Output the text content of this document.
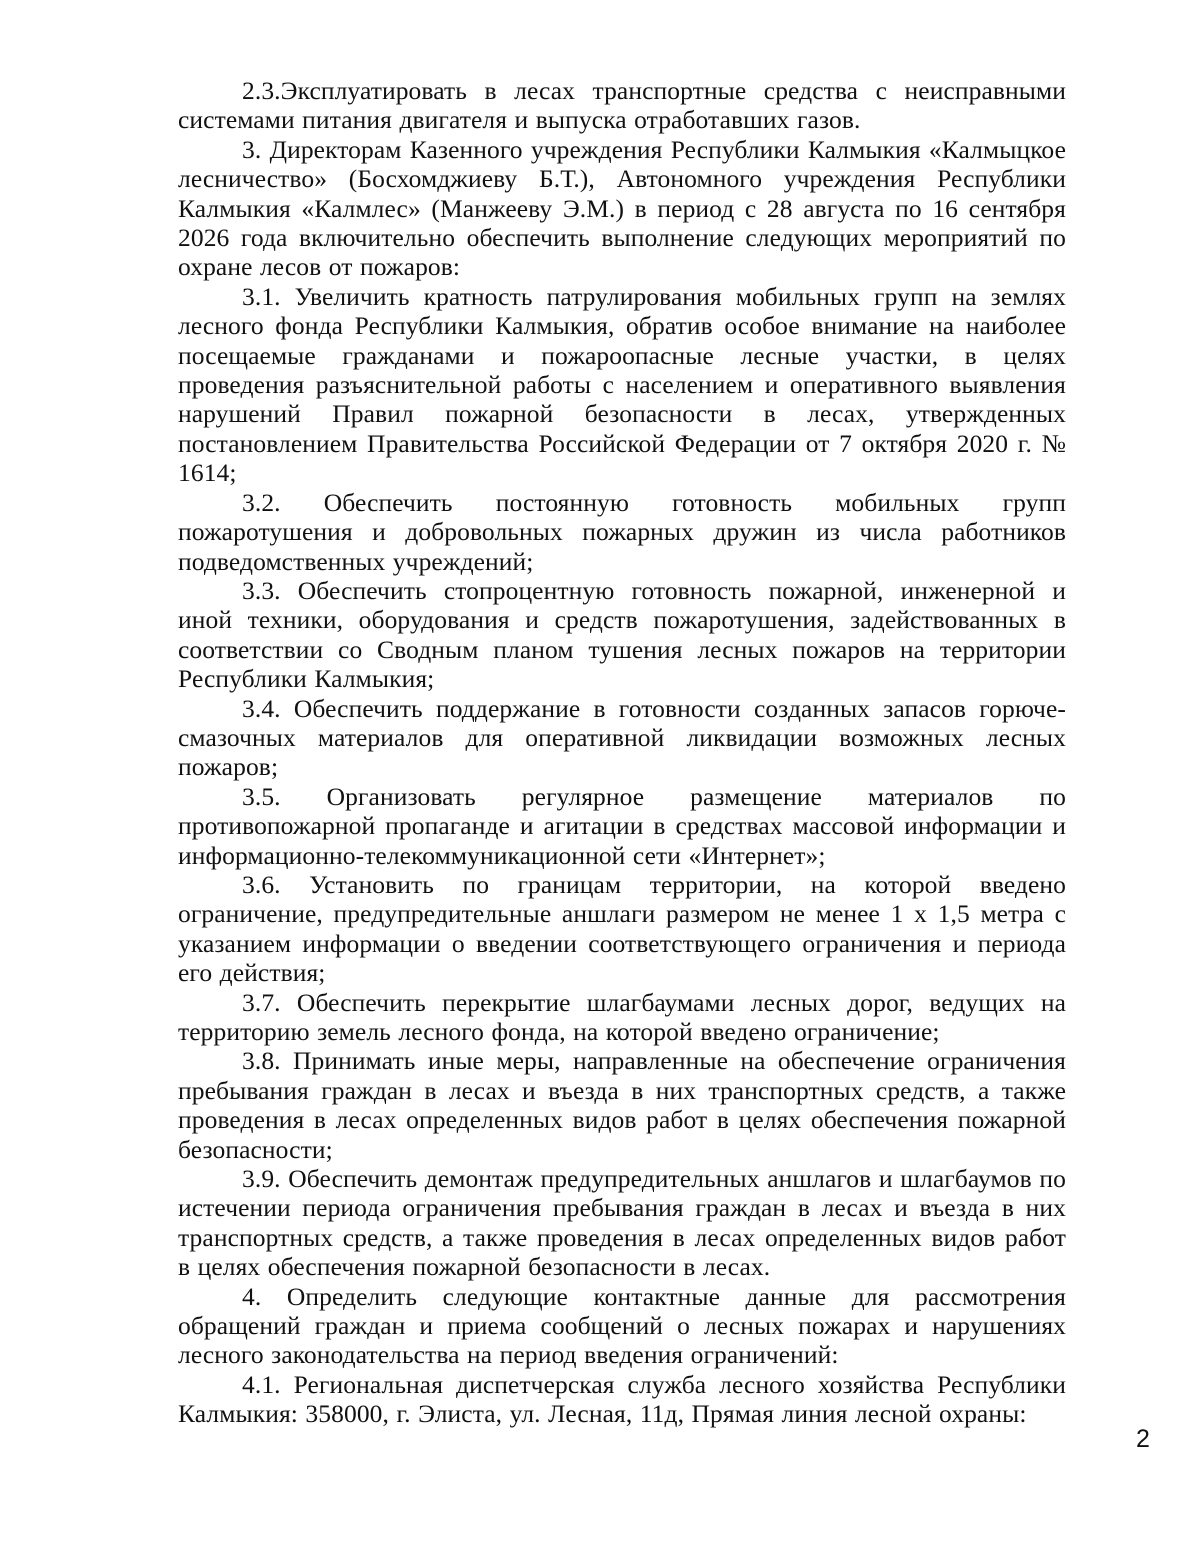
2.3.Эксплуатировать в лесах транспортные средства с неисправными системами питания двигателя и выпуска отработавших газов.

3. Директорам Казенного учреждения Республики Калмыкия «Калмыцкое лесничество» (Босхомджиеву Б.Т.), Автономного учреждения Республики Калмыкия «Калмлес» (Манжееву Э.М.) в период с 28 августа по 16 сентября 2026 года включительно обеспечить выполнение следующих мероприятий по охране лесов от пожаров:

3.1. Увеличить кратность патрулирования мобильных групп на землях лесного фонда Республики Калмыкия, обратив особое внимание на наиболее посещаемые гражданами и пожароопасные лесные участки, в целях проведения разъяснительной работы с населением и оперативного выявления нарушений Правил пожарной безопасности в лесах, утвержденных постановлением Правительства Российской Федерации от 7 октября 2020 г. № 1614;

3.2. Обеспечить постоянную готовность мобильных групп пожаротушения и добровольных пожарных дружин из числа работников подведомственных учреждений;

3.3. Обеспечить стопроцентную готовность пожарной, инженерной и иной техники, оборудования и средств пожаротушения, задействованных в соответствии со Сводным планом тушения лесных пожаров на территории Республики Калмыкия;

3.4. Обеспечить поддержание в готовности созданных запасов горюче-смазочных материалов для оперативной ликвидации возможных лесных пожаров;

3.5. Организовать регулярное размещение материалов по противопожарной пропаганде и агитации в средствах массовой информации и информационно-телекоммуникационной сети «Интернет»;

3.6. Установить по границам территории, на которой введено ограничение, предупредительные аншлаги размером не менее 1 х 1,5 метра с указанием информации о введении соответствующего ограничения и периода его действия;

3.7. Обеспечить перекрытие шлагбаумами лесных дорог, ведущих на территорию земель лесного фонда, на которой введено ограничение;

3.8. Принимать иные меры, направленные на обеспечение ограничения пребывания граждан в лесах и въезда в них транспортных средств, а также проведения в лесах определенных видов работ в целях обеспечения пожарной безопасности;

3.9. Обеспечить демонтаж предупредительных аншлагов и шлагбаумов по истечении периода ограничения пребывания граждан в лесах и въезда в них транспортных средств, а также проведения в лесах определенных видов работ в целях обеспечения пожарной безопасности в лесах.

4. Определить следующие контактные данные для рассмотрения обращений граждан и приема сообщений о лесных пожарах и нарушениях лесного законодательства на период введения ограничений:

4.1. Региональная диспетчерская служба лесного хозяйства Республики Калмыкия: 358000, г. Элиста, ул. Лесная, 11д, Прямая линия лесной охраны:

2
